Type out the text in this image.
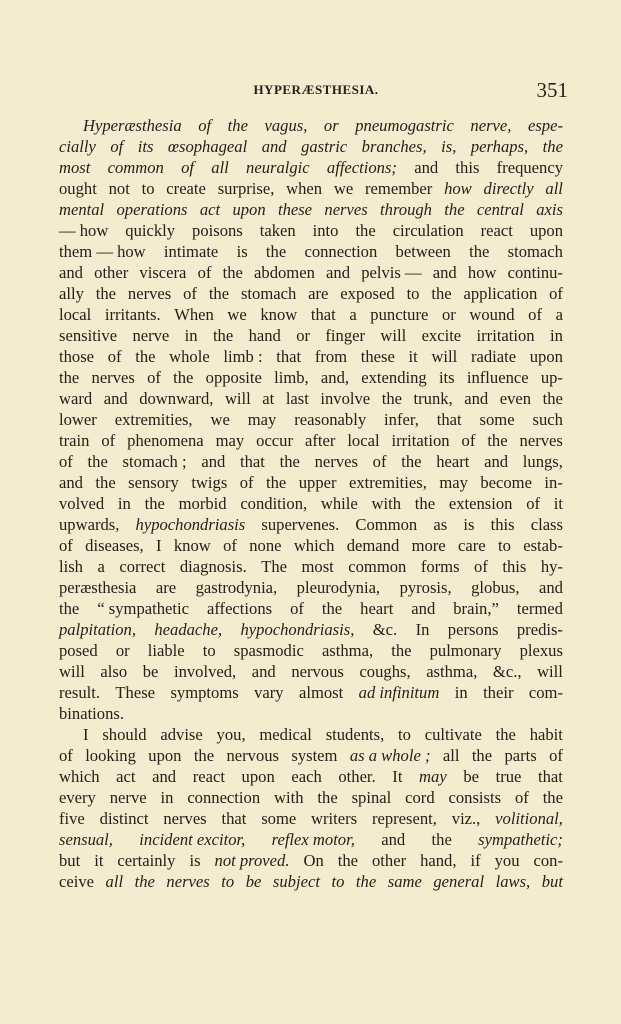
HYPERÆSTHESIA.	351
Hyperæsthesia of the vagus, or pneumogastric nerve, espe-
cially of its œsophageal and gastric branches, is, perhaps, the
most common of all neuralgic affections; and this frequency
ought not to create surprise, when we remember how directly all
mental operations act upon these nerves through the central axis
— how quickly poisons taken into the circulation react upon
them — how intimate is the connection between the stomach
and other viscera of the abdomen and pelvis — and how continu-
ally the nerves of the stomach are exposed to the application of
local irritants. When we know that a puncture or wound of a
sensitive nerve in the hand or finger will excite irritation in
those of the whole limb : that from these it will radiate upon
the nerves of the opposite limb, and, extending its influence up-
ward and downward, will at last involve the trunk, and even the
lower extremities, we may reasonably infer, that some such
train of phenomena may occur after local irritation of the nerves
of the stomach ; and that the nerves of the heart and lungs,
and the sensory twigs of the upper extremities, may become in-
volved in the morbid condition, while with the extension of it
upwards, hypochondriasis supervenes. Common as is this class
of diseases, I know of none which demand more care to estab-
lish a correct diagnosis. The most common forms of this hy-
peræsthesia are gastrodynia, pleurodynia, pyrosis, globus, and
the “ sympathetic affections of the heart and brain,” termed
palpitation, headache, hypochondriasis, &c. In persons predis-
posed or liable to spasmodic asthma, the pulmonary plexus
will also be involved, and nervous coughs, asthma, &c., will
result. These symptoms vary almost ad infinitum in their com-
binations.
I should advise you, medical students, to cultivate the habit
of looking upon the nervous system as a whole ; all the parts of
which act and react upon each other. It may be true that
every nerve in connection with the spinal cord consists of the
five distinct nerves that some writers represent, viz., volitional,
sensual, incident excitor, reflex motor, and the sympathetic;
but it certainly is not proved. On the other hand, if you con-
ceive all the nerves to be subject to the same general laws, but
